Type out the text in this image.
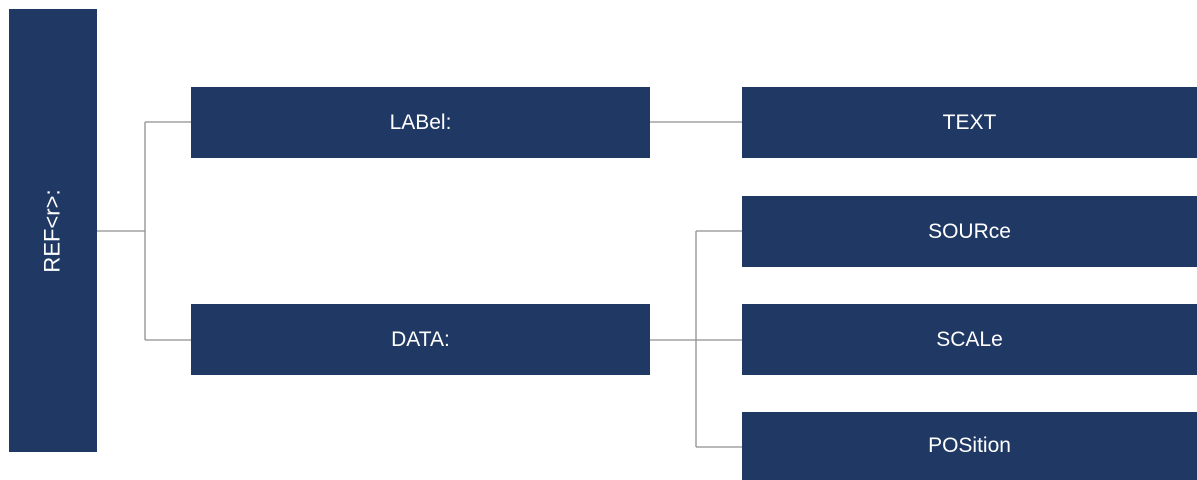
REF<r>:
LABel:
DATA:
TEXT
SOURce
SCALe
POSition
